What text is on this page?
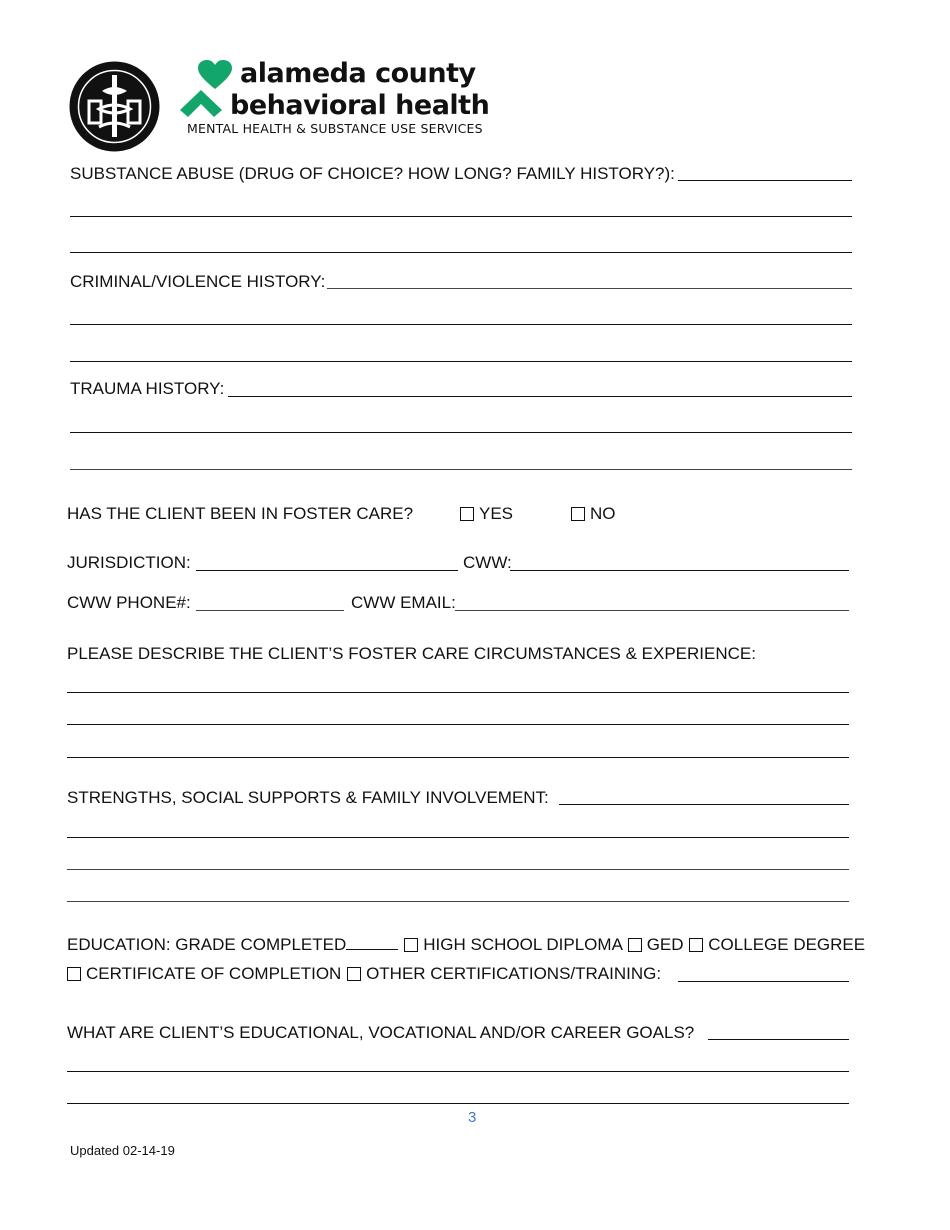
alameda county
behavioral health
MENTAL HEALTH & SUBSTANCE USE SERVICES
SUBSTANCE ABUSE (DRUG OF CHOICE? HOW LONG? FAMILY HISTORY?):
CRIMINAL/VIOLENCE HISTORY:
TRAUMA HISTORY:
HAS THE CLIENT BEEN IN FOSTER CARE?	YES	NO
JURISDICTION:	CWW:
CWW PHONE#:	CWW EMAIL:
PLEASE DESCRIBE THE CLIENT’S FOSTER CARE CIRCUMSTANCES & EXPERIENCE:
STRENGTHS, SOCIAL SUPPORTS & FAMILY INVOLVEMENT:
EDUCATION: GRADE COMPLETED	HIGH SCHOOL DIPLOMA GED COLLEGE DEGREE
CERTIFICATE OF COMPLETION OTHER CERTIFICATIONS/TRAINING:
WHAT ARE CLIENT’S EDUCATIONAL, VOCATIONAL AND/OR CAREER GOALS?
3
Updated 02-14-19
